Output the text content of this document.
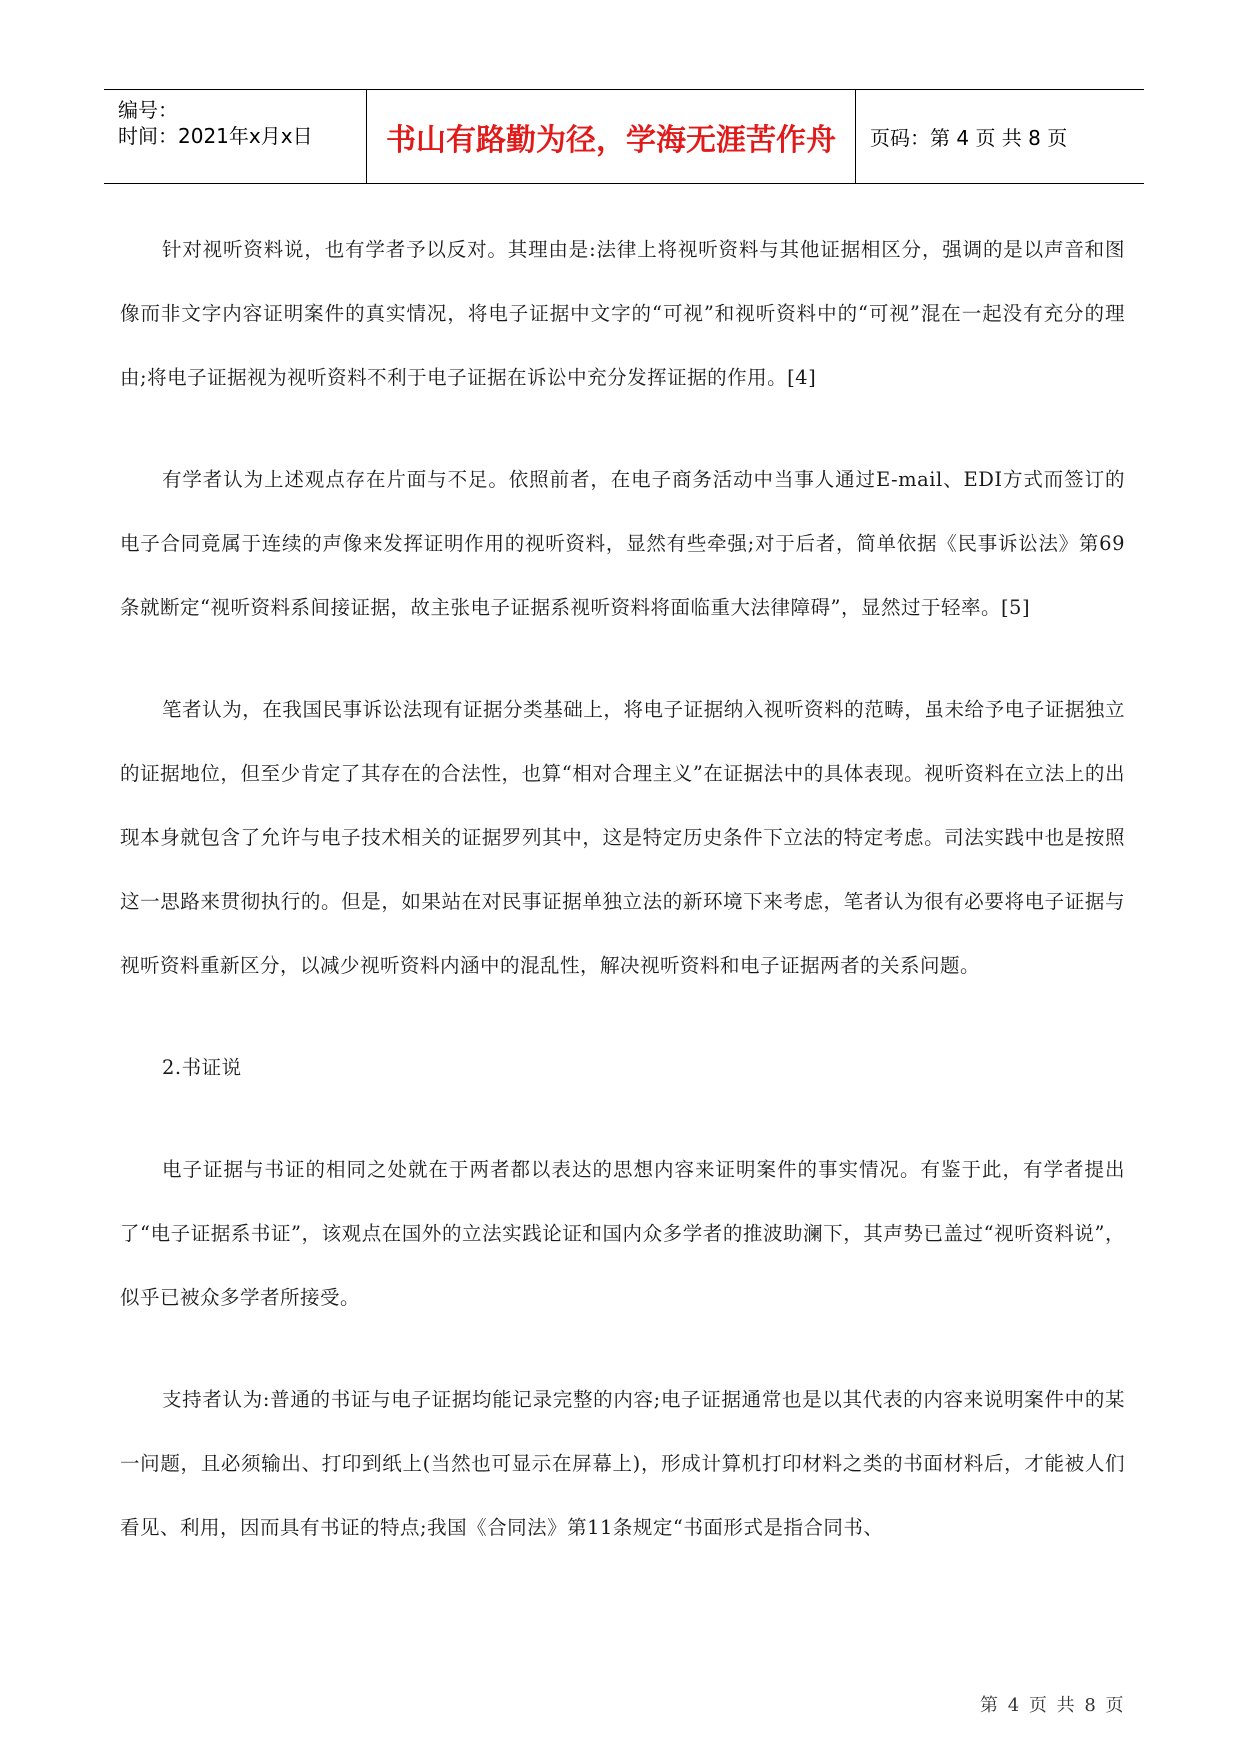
编号：
时间：2021年x月x日	书山有路勤为径，学海无涯苦作舟	页码：第 4 页 共 8 页

针对视听资料说，也有学者予以反对。其理由是:法律上将视听资料与其他证据相区分，强调的是以声音和图像而非文字内容证明案件的真实情况，将电子证据中文字的“可视”和视听资料中的“可视”混在一起没有充分的理由;将电子证据视为视听资料不利于电子证据在诉讼中充分发挥证据的作用。[4]

有学者认为上述观点存在片面与不足。依照前者，在电子商务活动中当事人通过E-mail、EDI方式而签订的电子合同竟属于连续的声像来发挥证明作用的视听资料，显然有些牵强;对于后者，简单依据《民事诉讼法》第69条就断定“视听资料系间接证据，故主张电子证据系视听资料将面临重大法律障碍”，显然过于轻率。[5]

笔者认为，在我国民事诉讼法现有证据分类基础上，将电子证据纳入视听资料的范畴，虽未给予电子证据独立的证据地位，但至少肯定了其存在的合法性，也算“相对合理主义”在证据法中的具体表现。视听资料在立法上的出现本身就包含了允许与电子技术相关的证据罗列其中，这是特定历史条件下立法的特定考虑。司法实践中也是按照这一思路来贯彻执行的。但是，如果站在对民事证据单独立法的新环境下来考虑，笔者认为很有必要将电子证据与视听资料重新区分，以减少视听资料内涵中的混乱性，解决视听资料和电子证据两者的关系问题。

2.书证说

电子证据与书证的相同之处就在于两者都以表达的思想内容来证明案件的事实情况。有鉴于此，有学者提出了“电子证据系书证”，该观点在国外的立法实践论证和国内众多学者的推波助澜下，其声势已盖过“视听资料说”，似乎已被众多学者所接受。

支持者认为:普通的书证与电子证据均能记录完整的内容;电子证据通常也是以其代表的内容来说明案件中的某一问题，且必须输出、打印到纸上(当然也可显示在屏幕上)，形成计算机打印材料之类的书面材料后，才能被人们看见、利用，因而具有书证的特点;我国《合同法》第11条规定“书面形式是指合同书、

第 4 页 共 8 页
